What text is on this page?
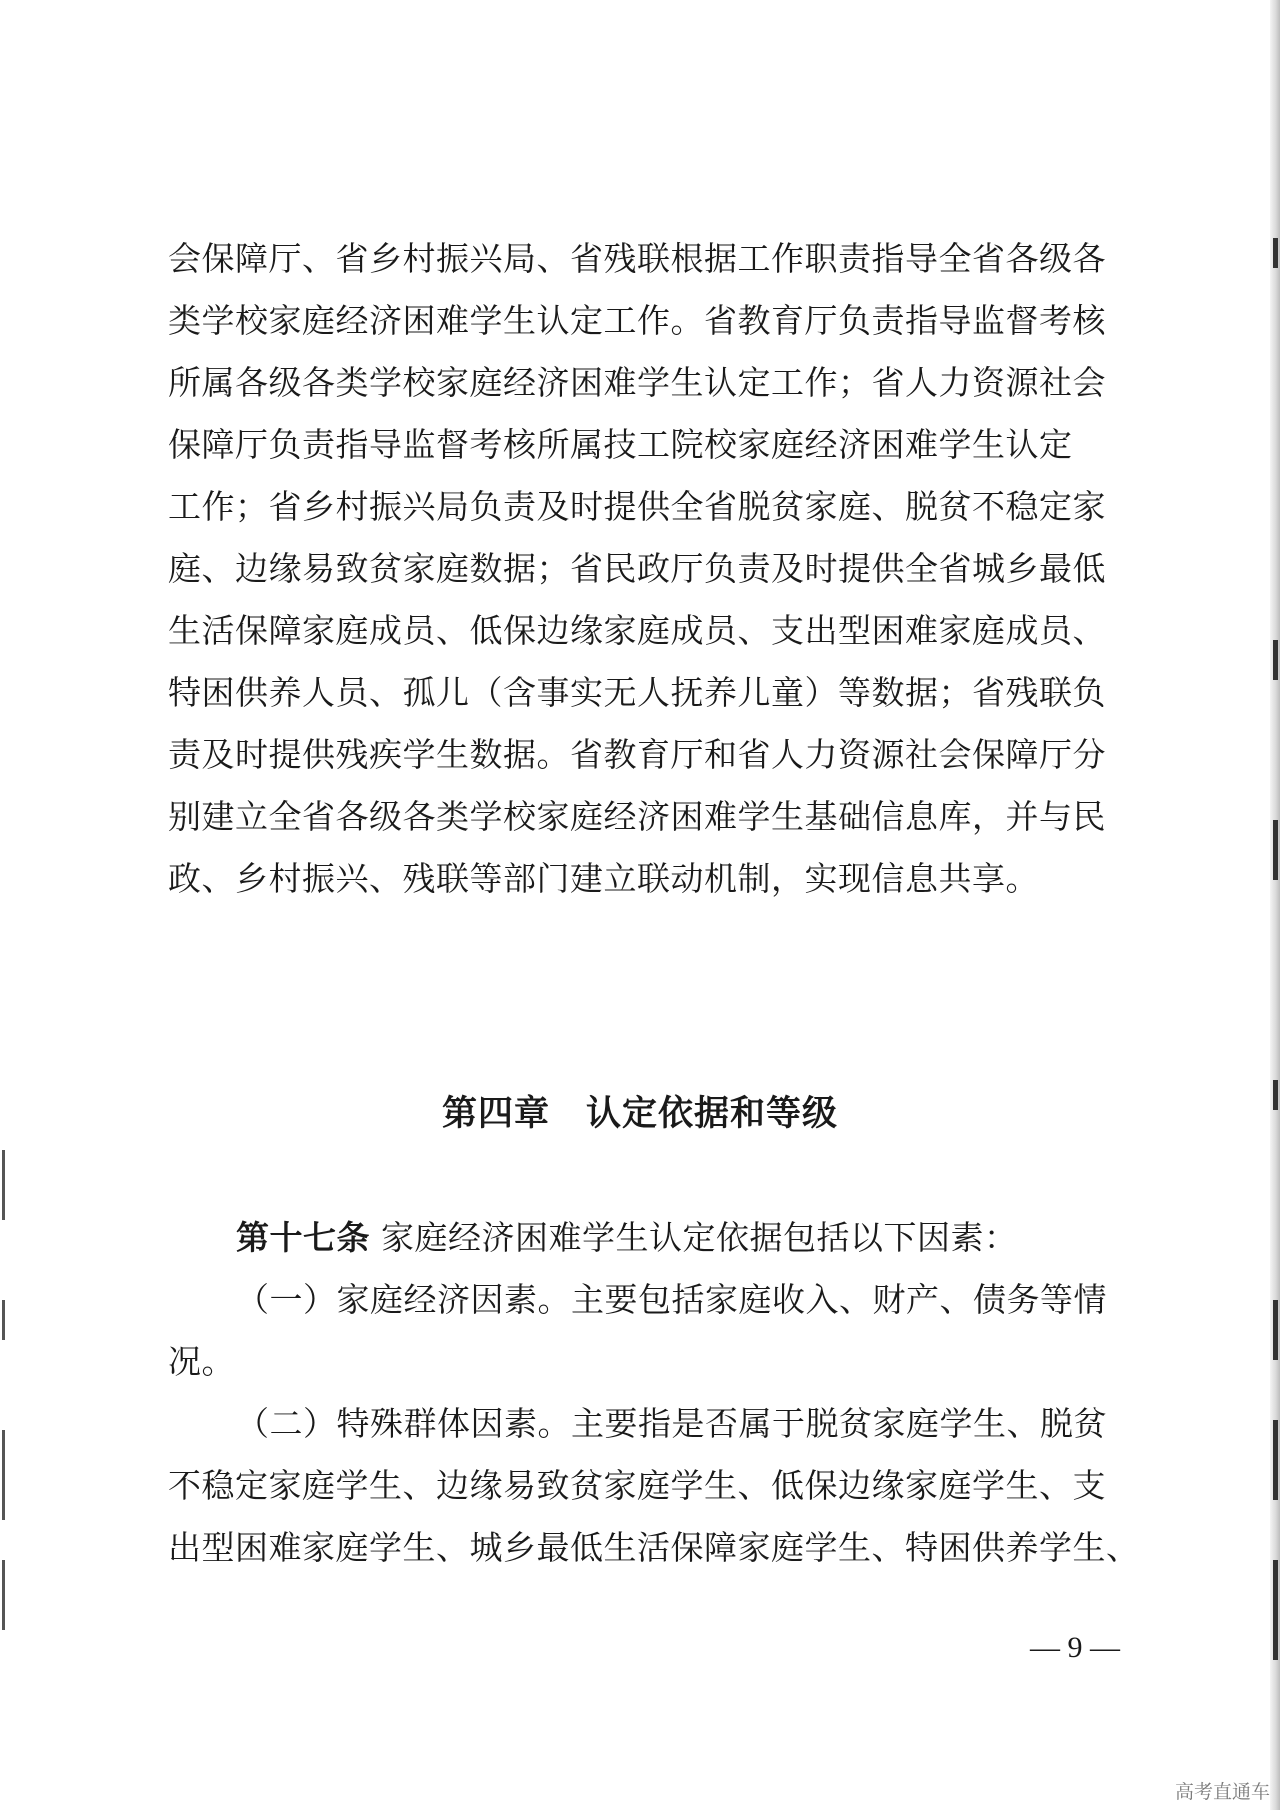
会保障厅、省乡村振兴局、省残联根据工作职责指导全省各级各
类学校家庭经济困难学生认定工作。省教育厅负责指导监督考核
所属各级各类学校家庭经济困难学生认定工作；省人力资源社会
保障厅负责指导监督考核所属技工院校家庭经济困难学生认定
工作；省乡村振兴局负责及时提供全省脱贫家庭、脱贫不稳定家
庭、边缘易致贫家庭数据；省民政厅负责及时提供全省城乡最低
生活保障家庭成员、低保边缘家庭成员、支出型困难家庭成员、
特困供养人员、孤儿（含事实无人抚养儿童）等数据；省残联负
责及时提供残疾学生数据。省教育厅和省人力资源社会保障厅分
别建立全省各级各类学校家庭经济困难学生基础信息库，并与民
政、乡村振兴、残联等部门建立联动机制，实现信息共享。
第四章 认定依据和等级
第十七条 家庭经济困难学生认定依据包括以下因素：
（一）家庭经济因素。主要包括家庭收入、财产、债务等情
况。
（二）特殊群体因素。主要指是否属于脱贫家庭学生、脱贫
不稳定家庭学生、边缘易致贫家庭学生、低保边缘家庭学生、支
出型困难家庭学生、城乡最低生活保障家庭学生、特困供养学生、
— 9 —
高考直通车
